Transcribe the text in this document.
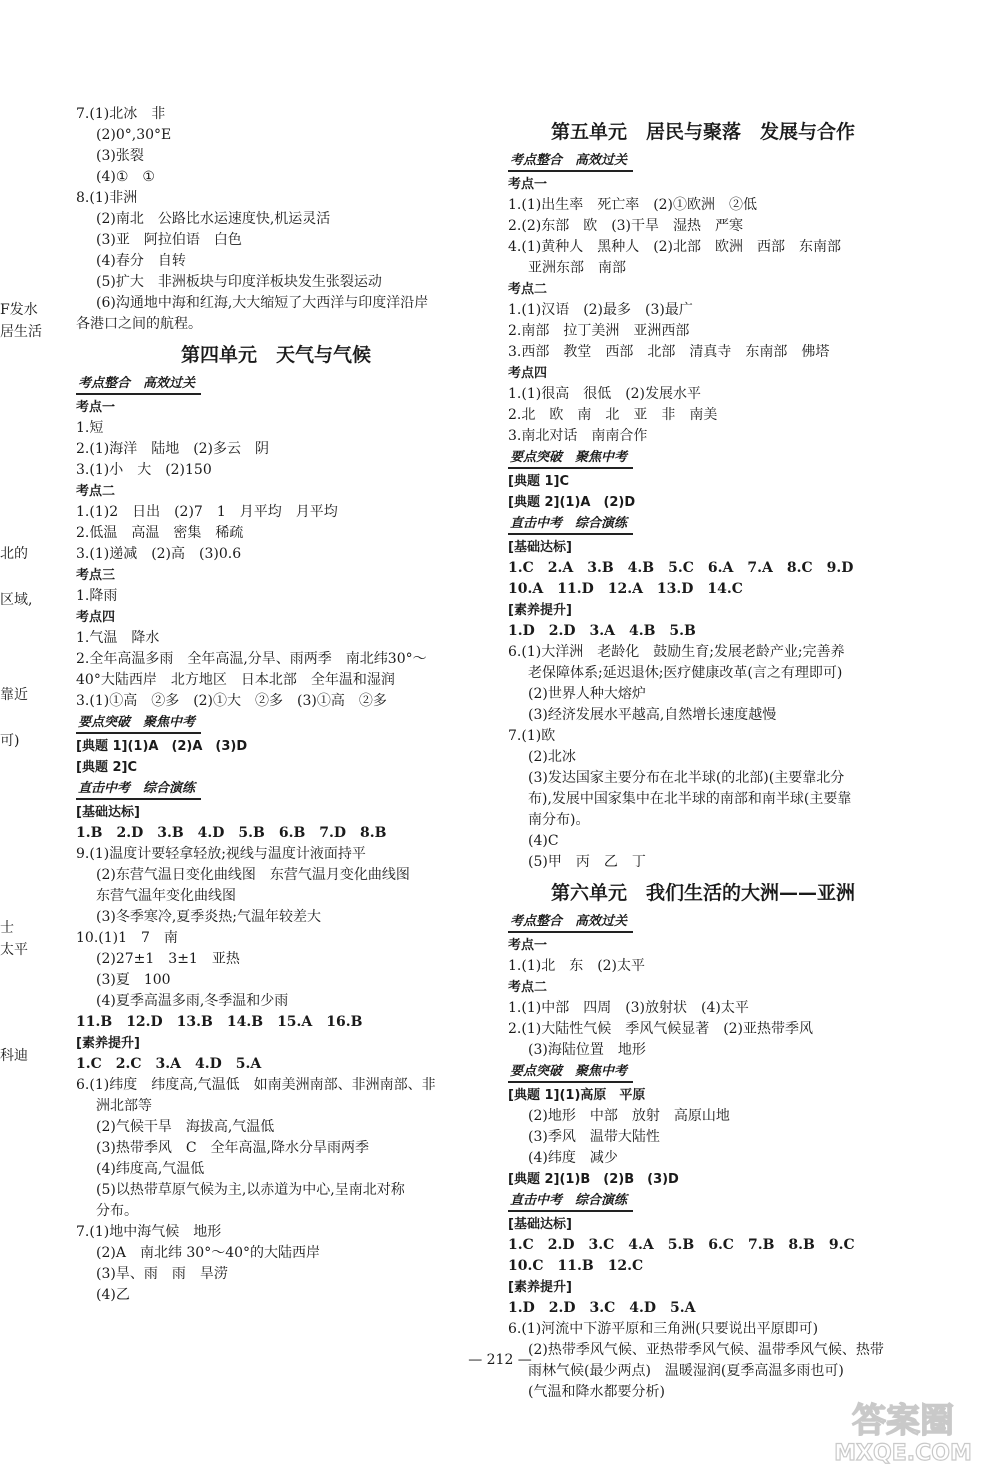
F发水
居生活
北的
区域,
靠近
可)
士
太平
科迪
7.(1)北冰　非
(2)0°,30°E
(3)张裂
(4)①　①
8.(1)非洲
(2)南北　公路比水运速度快,机运灵活
(3)亚　阿拉伯语　白色
(4)春分　自转
(5)扩大　非洲板块与印度洋板块发生张裂运动
(6)沟通地中海和红海,大大缩短了大西洋与印度洋沿岸
各港口之间的航程。
第四单元　天气与气候
考点整合　高效过关
考点一
1.短
2.(1)海洋　陆地　(2)多云　阴
3.(1)小　大　(2)150
考点二
1.(1)2　日出　(2)7　1　月平均　月平均
2.低温　高温　密集　稀疏
3.(1)递减　(2)高　(3)0.6
考点三
1.降雨
考点四
1.气温　降水
2.全年高温多雨　全年高温,分旱、雨两季　南北纬30°～
40°大陆西岸　北方地区　日本北部　全年温和湿润
3.(1)①高　②多　(2)①大　②多　(3)①高　②多
要点突破　聚焦中考
[典题 1](1)A　(2)A　(3)D
[典题 2]C
直击中考　综合演练
[基础达标]
1.B　2.D　3.B　4.D　5.B　6.B　7.D　8.B
9.(1)温度计要轻拿轻放;视线与温度计液面持平
(2)东营气温日变化曲线图　东营气温月变化曲线图
东营气温年变化曲线图
(3)冬季寒冷,夏季炎热;气温年较差大
10.(1)1　7　南
(2)27±1　3±1　亚热
(3)夏　100
(4)夏季高温多雨,冬季温和少雨
11.B　12.D　13.B　14.B　15.A　16.B
[素养提升]
1.C　2.C　3.A　4.D　5.A
6.(1)纬度　纬度高,气温低　如南美洲南部、非洲南部、非
洲北部等
(2)气候干旱　海拔高,气温低
(3)热带季风　C　全年高温,降水分旱雨两季
(4)纬度高,气温低
(5)以热带草原气候为主,以赤道为中心,呈南北对称
分布。
7.(1)地中海气候　地形
(2)A　南北纬 30°～40°的大陆西岸
(3)旱、雨　雨　旱涝
(4)乙
第五单元　居民与聚落　发展与合作
考点整合　高效过关
考点一
1.(1)出生率　死亡率　(2)①欧洲　②低
2.(2)东部　欧　(3)干旱　湿热　严寒
4.(1)黄种人　黑种人　(2)北部　欧洲　西部　东南部
亚洲东部　南部
考点二
1.(1)汉语　(2)最多　(3)最广
2.南部　拉丁美洲　亚洲西部
3.西部　教堂　西部　北部　清真寺　东南部　佛塔
考点四
1.(1)很高　很低　(2)发展水平
2.北　欧　南　北　亚　非　南美
3.南北对话　南南合作
要点突破　聚焦中考
[典题 1]C
[典题 2](1)A　(2)D
直击中考　综合演练
[基础达标]
1.C　2.A　3.B　4.B　5.C　6.A　7.A　8.C　9.D
10.A　11.D　12.A　13.D　14.C
[素养提升]
1.D　2.D　3.A　4.B　5.B
6.(1)大洋洲　老龄化　鼓励生育;发展老龄产业;完善养
老保障体系;延迟退休;医疗健康改革(言之有理即可)
(2)世界人种大熔炉
(3)经济发展水平越高,自然增长速度越慢
7.(1)欧
(2)北冰
(3)发达国家主要分布在北半球(的北部)(主要靠北分
布),发展中国家集中在北半球的南部和南半球(主要靠
南分布)。
(4)C
(5)甲　丙　乙　丁
第六单元　我们生活的大洲——亚洲
考点整合　高效过关
考点一
1.(1)北　东　(2)太平
考点二
1.(1)中部　四周　(3)放射状　(4)太平
2.(1)大陆性气候　季风气候显著　(2)亚热带季风
(3)海陆位置　地形
要点突破　聚焦中考
[典题 1](1)高原　平原
(2)地形　中部　放射　高原山地
(3)季风　温带大陆性
(4)纬度　减少
[典题 2](1)B　(2)B　(3)D
直击中考　综合演练
[基础达标]
1.C　2.D　3.C　4.A　5.B　6.C　7.B　8.B　9.C
10.C　11.B　12.C
[素养提升]
1.D　2.D　3.C　4.D　5.A
6.(1)河流中下游平原和三角洲(只要说出平原即可)
(2)热带季风气候、亚热带季风气候、温带季风气候、热带
雨林气候(最少两点)　温暖湿润(夏季高温多雨也可)
(气温和降水都要分析)
— 212 —
答案圈
MXQE.COM
